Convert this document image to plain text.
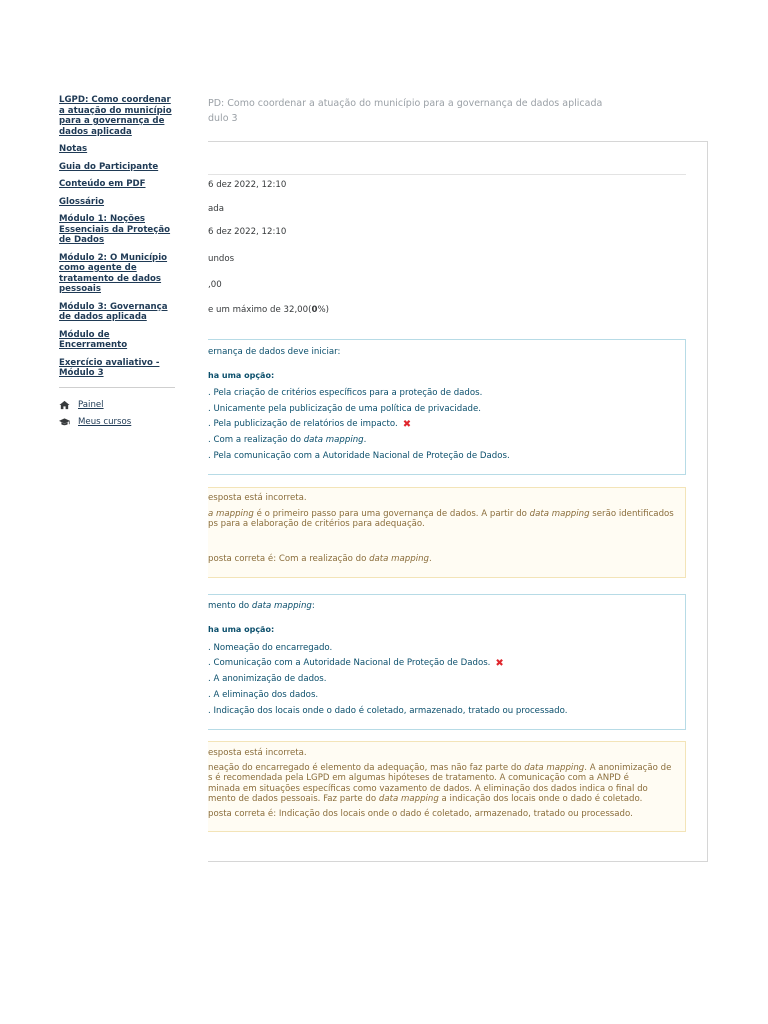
LGPD: Como coordenar a atuação do município para a governança de dados aplicada
Notas
Guia do Participante
Conteúdo em PDF
Glossário
Módulo 1: Noções Essenciais da Proteção de Dados
Módulo 2: O Município como agente de tratamento de dados pessoais
Módulo 3: Governança de dados aplicada
Módulo de Encerramento
Exercício avaliativo - Módulo 3
Painel
Meus cursos
PD: Como coordenar a atuação do município para a governança de dados aplicada
dulo 3
6 dez 2022, 12:10
ada
6 dez 2022, 12:10
undos
,00
e um máximo de 32,00(0%)
ernança de dados deve iniciar:
ha uma opção:
. Pela criação de critérios específicos para a proteção de dados.
. Unicamente pela publicização de uma política de privacidade.
. Pela publicização de relatórios de impacto. ✖
. Com a realização do data mapping.
. Pela comunicação com a Autoridade Nacional de Proteção de Dados.
esposta está incorreta.
a mapping é o primeiro passo para uma governança de dados. A partir do data mapping serão identificados
ps para a elaboração de critérios para adequação.
posta correta é: Com a realização do data mapping.
mento do data mapping:
ha uma opção:
. Nomeação do encarregado.
. Comunicação com a Autoridade Nacional de Proteção de Dados. ✖
. A anonimização de dados.
. A eliminação dos dados.
. Indicação dos locais onde o dado é coletado, armazenado, tratado ou processado.
esposta está incorreta.
neação do encarregado é elemento da adequação, mas não faz parte do data mapping. A anonimização de
s é recomendada pela LGPD em algumas hipóteses de tratamento. A comunicação com a ANPD é
minada em situações específicas como vazamento de dados. A eliminação dos dados indica o final do
mento de dados pessoais. Faz parte do data mapping a indicação dos locais onde o dado é coletado.
posta correta é: Indicação dos locais onde o dado é coletado, armazenado, tratado ou processado.
